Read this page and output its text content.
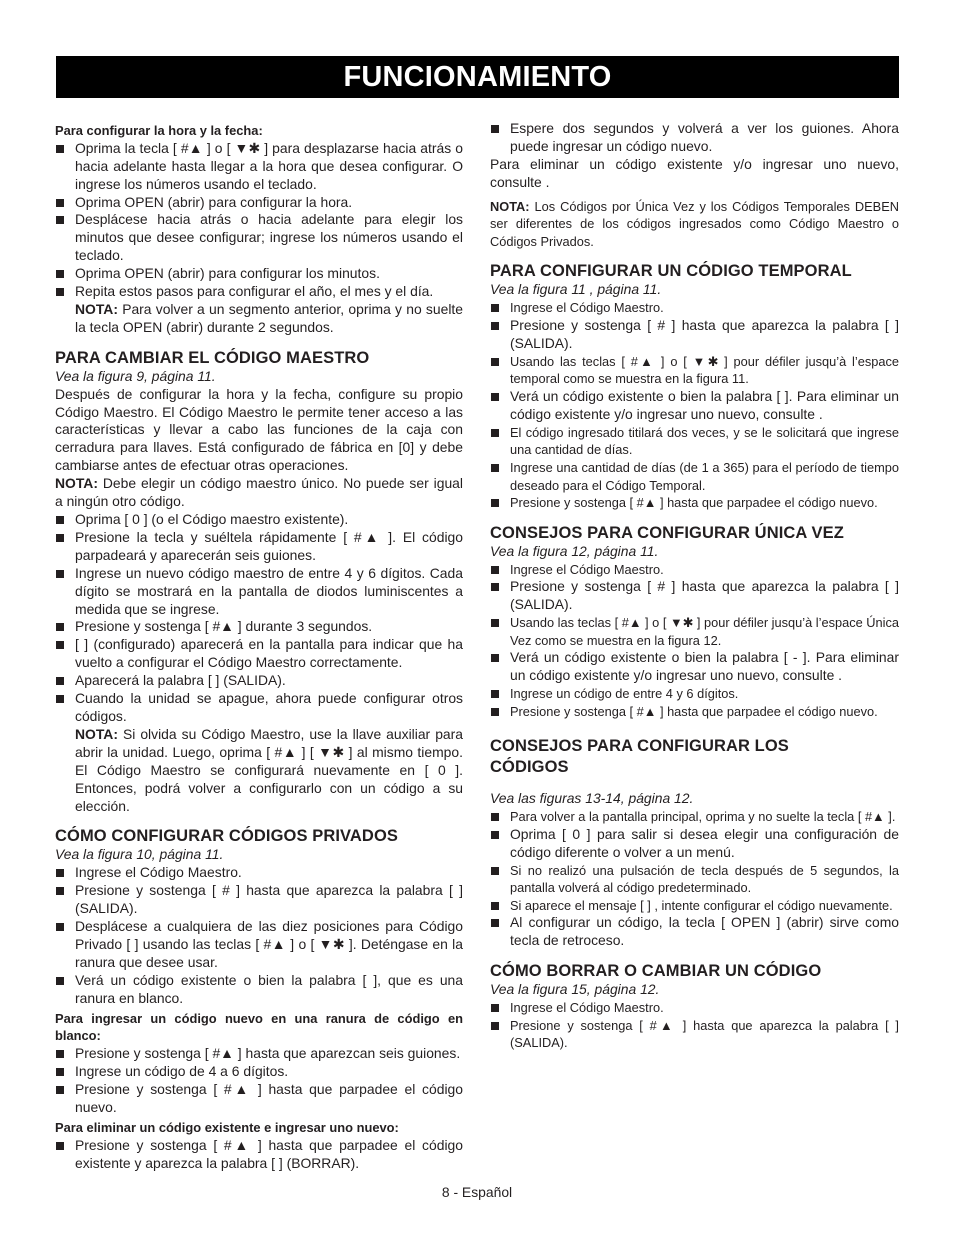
FUNCIONAMIENTO

Para configurar la hora y la fecha:

Oprima la tecla [ #▲ ] o [ ▼✱ ] para desplazarse hacia atrás o hacia adelante hasta llegar a la hora que desea configurar. O ingrese los números usando el teclado.
Oprima OPEN (abrir) para configurar la hora.
Desplácese hacia atrás o hacia adelante para elegir los minutos que desee configurar; ingrese los números usando el teclado.
Oprima OPEN (abrir) para configurar los minutos.
Repita estos pasos para configurar el año, el mes y el día.
NOTA: Para volver a un segmento anterior, oprima y no suelte la tecla OPEN (abrir) durante 2 segundos.
PARA CAMBIAR EL CÓDIGO MAESTRO

Vea la figura 9, página 11.

Después de configurar la hora y la fecha, configure su propio Código Maestro. El Código Maestro le permite tener acceso a las características y llevar a cabo las funciones de la caja con cerradura para llaves. Está configurado de fábrica en [0] y debe cambiarse antes de efectuar otras operaciones.

NOTA: Debe elegir un código maestro único. No puede ser igual a ningún otro código.

Oprima [ 0 ] (o el Código maestro existente).
Presione la tecla y suéltela rápidamente [ #▲ ]. El código parpadeará y aparecerán seis guiones.
Ingrese un nuevo código maestro de entre 4 y 6 dígitos. Cada dígito se mostrará en la pantalla de diodos luminiscentes a medida que se ingrese.
Presione y sostenga [ #▲ ] durante 3 segundos.
[ ] (configurado) aparecerá en la pantalla para indicar que ha vuelto a configurar el Código Maestro correctamente.
Aparecerá la palabra [ ] (SALIDA).
Cuando la unidad se apague, ahora puede configurar otros códigos.
NOTA: Si olvida su Código Maestro, use la llave auxiliar para abrir la unidad. Luego, oprima [ #▲ ] [ ▼✱ ] al mismo tiempo. El Código Maestro se configurará nuevamente en [ 0 ]. Entonces, podrá volver a configurarlo con un código a su elección.
CÓMO CONFIGURAR CÓDIGOS PRIVADOS

Vea la figura 10, página 11.

Ingrese el Código Maestro.
Presione y sostenga [ # ] hasta que aparezca la palabra [ ] (SALIDA).
Desplácese a cualquiera de las diez posiciones para Código Privado [ ] usando las teclas [ #▲ ] o [ ▼✱ ]. Deténgase en la ranura que desee usar.
Verá un código existente o bien la palabra [ ], que es una ranura en blanco.

Para ingresar un código nuevo en una ranura de código en blanco:

Presione y sostenga [ #▲ ] hasta que aparezcan seis guiones.
Ingrese un código de 4 a 6 dígitos.
Presione y sostenga [ #▲ ] hasta que parpadee el código nuevo.

Para eliminar un código existente e ingresar uno nuevo:

Presione y sostenga [ #▲ ] hasta que parpadee el código existente y aparezca la palabra [ ] (BORRAR).
Espere dos segundos y volverá a ver los guiones. Ahora puede ingresar un código nuevo.

Para eliminar un código existente y/o ingresar uno nuevo, consulte .

NOTA: Los Códigos por Única Vez y los Códigos Temporales DEBEN ser diferentes de los códigos ingresados como Código Maestro o Códigos Privados.

PARA CONFIGURAR UN CÓDIGO TEMPORAL

Vea la figura 11 , página 11.

Ingrese el Código Maestro.
Presione y sostenga [ # ] hasta que aparezca la palabra [ ] (SALIDA).
Usando las teclas [ #▲ ] o [ ▼✱ ] pour défiler jusqu’à l’espace temporal como se muestra en la figura 11.
Verá un código existente o bien la palabra [ ]. Para eliminar un código existente y/o ingresar uno nuevo, consulte .
El código ingresado titilará dos veces, y se le solicitará que ingrese una cantidad de días.
Ingrese una cantidad de días (de 1 a 365) para el período de tiempo deseado para el Código Temporal.
Presione y sostenga [ #▲ ] hasta que parpadee el código nuevo.
CONSEJOS PARA CONFIGURAR ÚNICA VEZ

Vea la figura 12, página 11.

Ingrese el Código Maestro.
Presione y sostenga [ # ] hasta que aparezca la palabra [ ] (SALIDA).
Usando las teclas [ #▲ ] o [ ▼✱ ] pour défiler jusqu’à l’espace Única Vez como se muestra en la figura 12.
Verá un código existente o bien la palabra [ - ]. Para eliminar un código existente y/o ingresar uno nuevo, consulte .
Ingrese un código de entre 4 y 6 dígitos.
Presione y sostenga [ #▲ ] hasta que parpadee el código nuevo.
CONSEJOS PARA CONFIGURAR LOS CÓDIGOS

Vea las figuras 13-14, página 12.

Para volver a la pantalla principal, oprima y no suelte la tecla [ #▲ ].
Oprima [ 0 ] para salir si desea elegir una configuración de código diferente o volver a un menú.
Si no realizó una pulsación de tecla después de 5 segundos, la pantalla volverá al código predeterminado.
Si aparece el mensaje [ ] , intente configurar el código nuevamente.
Al configurar un código, la tecla [ OPEN ] (abrir) sirve como tecla de retroceso.
CÓMO BORRAR O CAMBIAR UN CÓDIGO

Vea la figura 15, página 12.

Ingrese el Código Maestro.
Presione y sostenga [ #▲ ] hasta que aparezca la palabra [ ] (SALIDA).
8 - Español
